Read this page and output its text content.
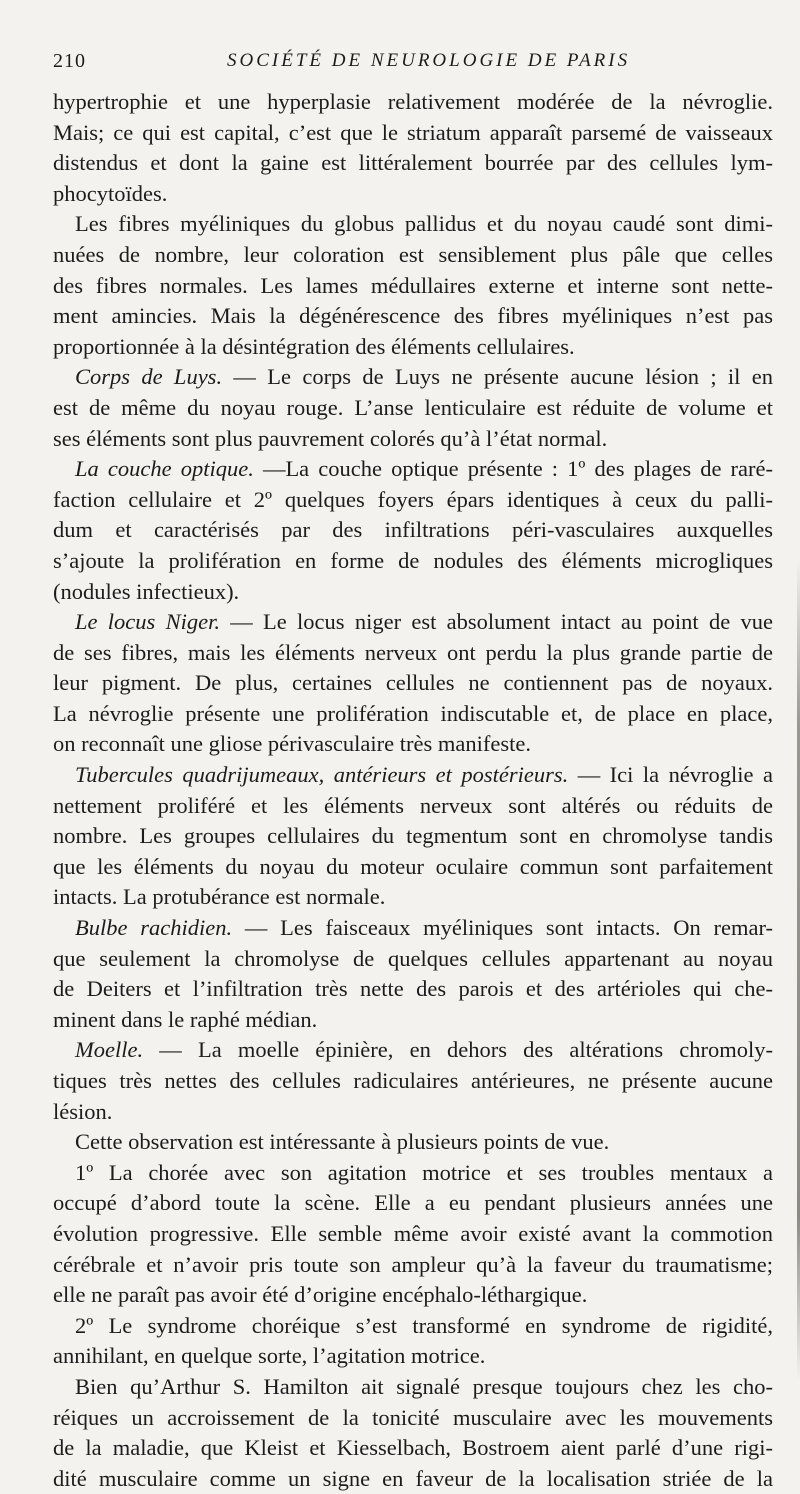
210	SOCIÉTÉ DE NEUROLOGIE DE PARIS
hypertrophie et une hyperplasie relativement modérée de la névroglie.
Mais; ce qui est capital, c’est que le striatum apparaît parsemé de vaisseaux
distendus et dont la gaine est littéralement bourrée par des cellules lym-
phocytoïdes.
Les fibres myéliniques du globus pallidus et du noyau caudé sont dimi-
nuées de nombre, leur coloration est sensiblement plus pâle que celles
des fibres normales. Les lames médullaires externe et interne sont nette-
ment amincies. Mais la dégénérescence des fibres myéliniques n’est pas
proportionnée à la désintégration des éléments cellulaires.
Corps de Luys. — Le corps de Luys ne présente aucune lésion ; il en
est de même du noyau rouge. L’anse lenticulaire est réduite de volume et
ses éléments sont plus pauvrement colorés qu’à l’état normal.
La couche optique. —La couche optique présente : 1º des plages de raré-
faction cellulaire et 2º quelques foyers épars identiques à ceux du palli-
dum et caractérisés par des infiltrations péri-vasculaires auxquelles
s’ajoute la prolifération en forme de nodules des éléments microgliques
(nodules infectieux).
Le locus Niger. — Le locus niger est absolument intact au point de vue
de ses fibres, mais les éléments nerveux ont perdu la plus grande partie de
leur pigment. De plus, certaines cellules ne contiennent pas de noyaux.
La névroglie présente une prolifération indiscutable et, de place en place,
on reconnaît une gliose périvasculaire très manifeste.
Tubercules quadrijumeaux, antérieurs et postérieurs. — Ici la névroglie a
nettement proliféré et les éléments nerveux sont altérés ou réduits de
nombre. Les groupes cellulaires du tegmentum sont en chromolyse tandis
que les éléments du noyau du moteur oculaire commun sont parfaitement
intacts. La protubérance est normale.
Bulbe rachidien. — Les faisceaux myéliniques sont intacts. On remar-
que seulement la chromolyse de quelques cellules appartenant au noyau
de Deiters et l’infiltration très nette des parois et des artérioles qui che-
minent dans le raphé médian.
Moelle. — La moelle épinière, en dehors des altérations chromoly-
tiques très nettes des cellules radiculaires antérieures, ne présente aucune
lésion.
Cette observation est intéressante à plusieurs points de vue.
1º La chorée avec son agitation motrice et ses troubles mentaux a
occupé d’abord toute la scène. Elle a eu pendant plusieurs années une
évolution progressive. Elle semble même avoir existé avant la commotion
cérébrale et n’avoir pris toute son ampleur qu’à la faveur du traumatisme;
elle ne paraît pas avoir été d’origine encéphalo-léthargique.
2º Le syndrome choréique s’est transformé en syndrome de rigidité,
annihilant, en quelque sorte, l’agitation motrice.
Bien qu’Arthur S. Hamilton ait signalé presque toujours chez les cho-
réiques un accroissement de la tonicité musculaire avec les mouvements
de la maladie, que Kleist et Kiesselbach, Bostroem aient parlé d’une rigi-
dité musculaire comme un signe en faveur de la localisation striée de la
